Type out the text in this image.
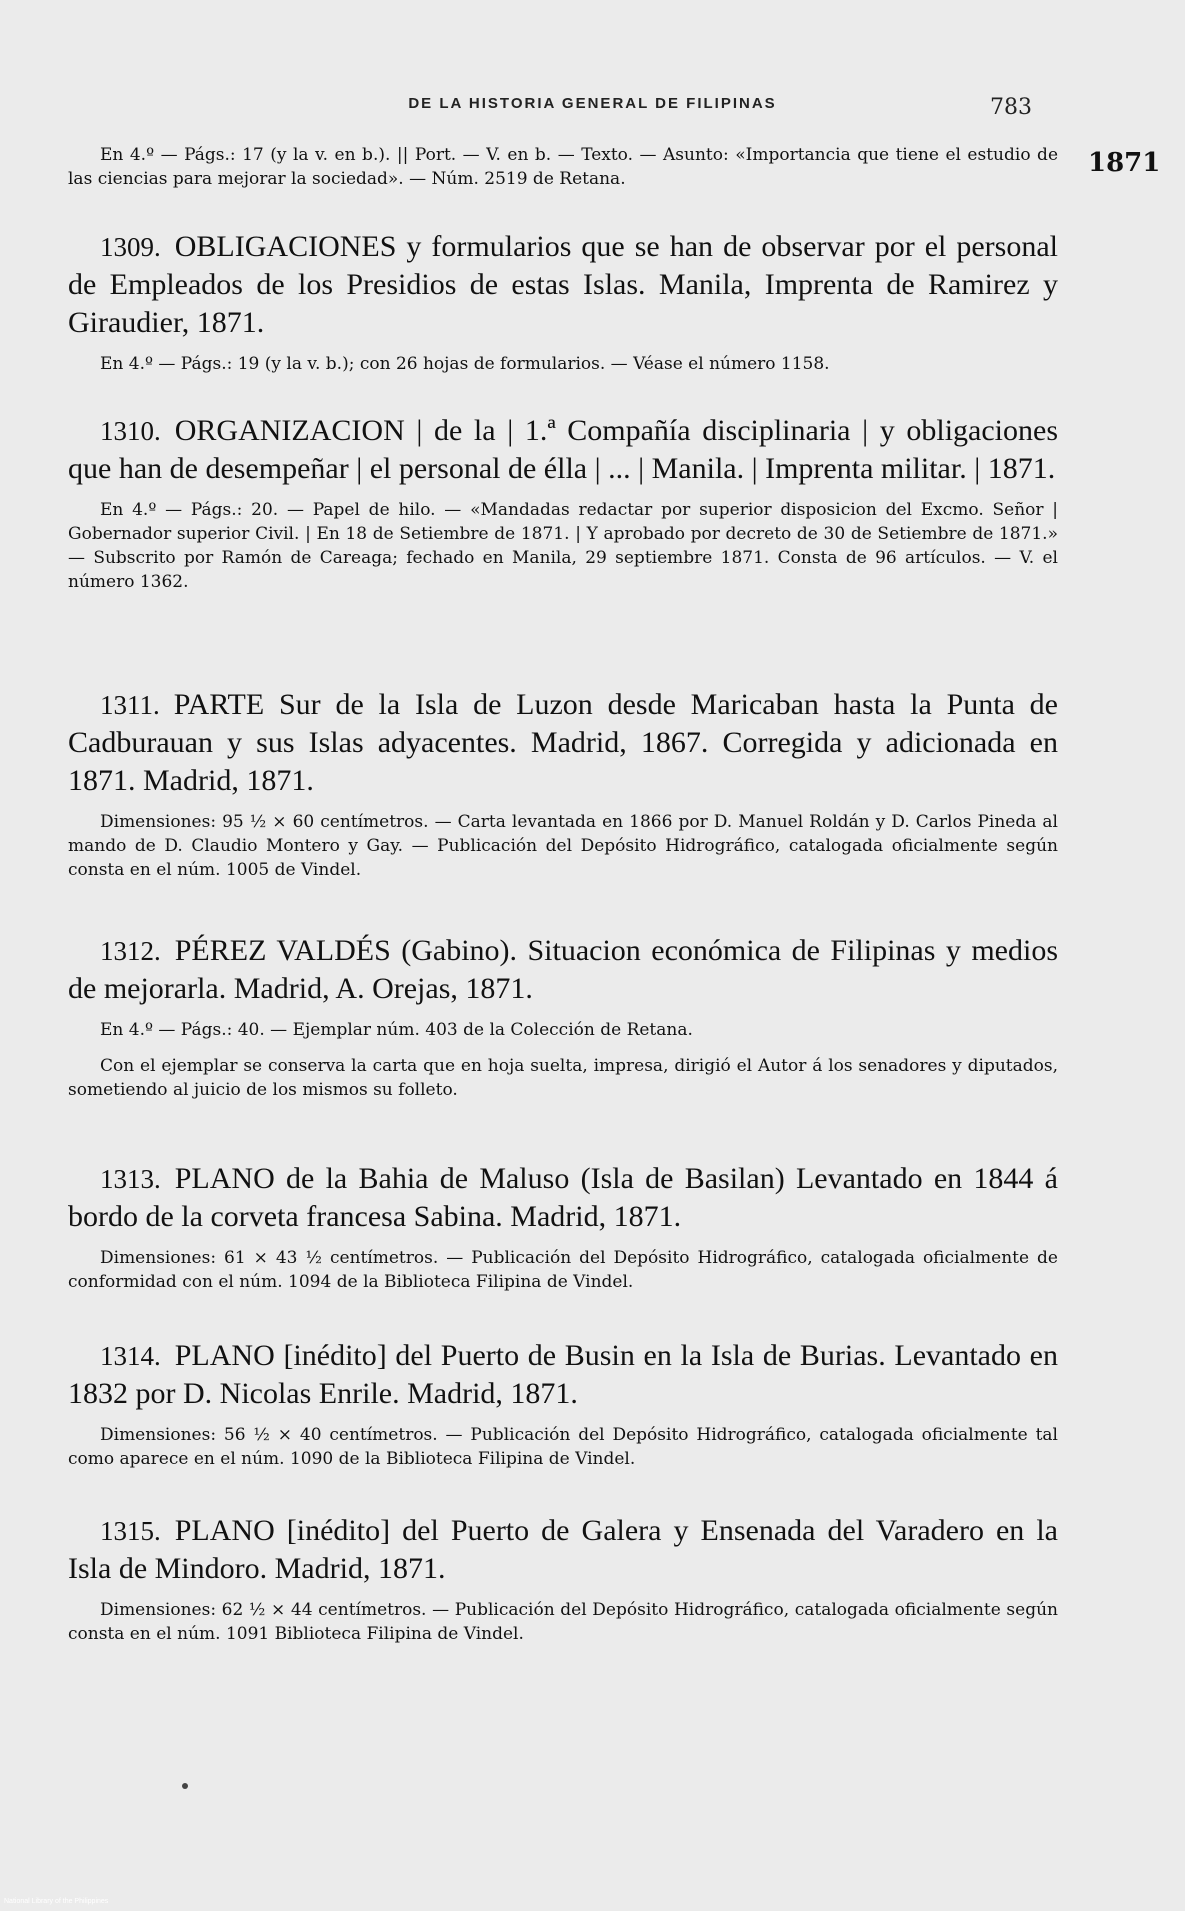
DE LA HISTORIA GENERAL DE FILIPINAS	783
1871
En 4.º — Págs.: 17 (y la v. en b.). || Port. — V. en b. — Texto. — Asunto: «Importancia que tiene el estudio de las ciencias para mejorar la sociedad». — Núm. 2519 de Retana.
1309. OBLIGACIONES y formularios que se han de observar por el personal de Empleados de los Presidios de estas Islas. Manila, Imprenta de Ramirez y Giraudier, 1871.
En 4.º — Págs.: 19 (y la v. b.); con 26 hojas de formularios. — Véase el número 1158.
1310. ORGANIZACION | de la | 1.ª Compañía disciplinaria | y obligaciones que han de desempeñar | el personal de élla | ... | Manila. | Imprenta militar. | 1871.
En 4.º — Págs.: 20. — Papel de hilo. — «Mandadas redactar por superior disposicion del Excmo. Señor | Gobernador superior Civil. | En 18 de Setiembre de 1871. | Y aprobado por decreto de 30 de Setiembre de 1871.» — Subscrito por Ramón de Careaga; fechado en Manila, 29 septiembre 1871. Consta de 96 artículos. — V. el número 1362.
1311. PARTE Sur de la Isla de Luzon desde Maricaban hasta la Punta de Cadburauan y sus Islas adyacentes. Madrid, 1867. Corregida y adicionada en 1871. Madrid, 1871.
Dimensiones: 95 ½ × 60 centímetros. — Carta levantada en 1866 por D. Manuel Roldán y D. Carlos Pineda al mando de D. Claudio Montero y Gay. — Publicación del Depósito Hidrográfico, catalogada oficialmente según consta en el núm. 1005 de Vindel.
1312. PÉREZ VALDÉS (Gabino). Situacion económica de Filipinas y medios de mejorarla. Madrid, A. Orejas, 1871.
En 4.º — Págs.: 40. — Ejemplar núm. 403 de la Colección de Retana.
Con el ejemplar se conserva la carta que en hoja suelta, impresa, dirigió el Autor á los senadores y diputados, sometiendo al juicio de los mismos su folleto.
1313. PLANO de la Bahia de Maluso (Isla de Basilan) Levantado en 1844 á bordo de la corveta francesa Sabina. Madrid, 1871.
Dimensiones: 61 × 43 ½ centímetros. — Publicación del Depósito Hidrográfico, catalogada oficialmente de conformidad con el núm. 1094 de la Biblioteca Filipina de Vindel.
1314. PLANO [inédito] del Puerto de Busin en la Isla de Burias. Levantado en 1832 por D. Nicolas Enrile. Madrid, 1871.
Dimensiones: 56 ½ × 40 centímetros. — Publicación del Depósito Hidrográfico, catalogada oficialmente tal como aparece en el núm. 1090 de la Biblioteca Filipina de Vindel.
1315. PLANO [inédito] del Puerto de Galera y Ensenada del Varadero en la Isla de Mindoro. Madrid, 1871.
Dimensiones: 62 ½ × 44 centímetros. — Publicación del Depósito Hidrográfico, catalogada oficialmente según consta en el núm. 1091 Biblioteca Filipina de Vindel.
National Library of the Philippines
